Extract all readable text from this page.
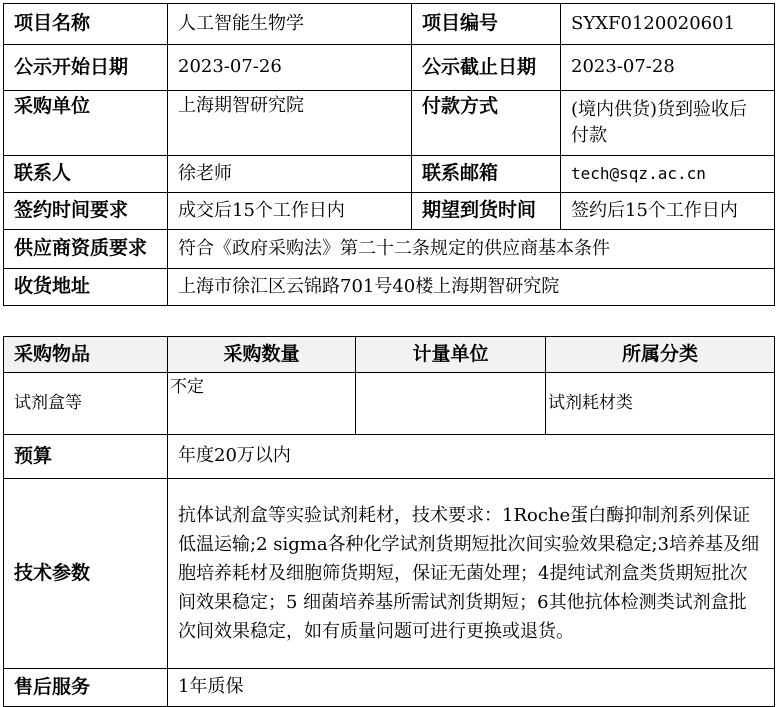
项目名称	人工智能生物学	项目编号	SYXF0120020601
公示开始日期	2023-07-26	公示截止日期	2023-07-28
采购单位	上海期智研究院	付款方式	(境内供货)货到验收后付款
联系人	徐老师	联系邮箱	tech@sqz.ac.cn
签约时间要求	成交后15个工作日内	期望到货时间	签约后15个工作日内
供应商资质要求	符合《政府采购法》第二十二条规定的供应商基本条件		
收货地址	上海市徐汇区云锦路701号40楼上海期智研究院		
采购物品	采购数量	计量单位	所属分类
试剂盒等	不定		试剂耗材类
预算	年度20万以内		
技术参数	抗体试剂盒等实验试剂耗材，技术要求：1Roche蛋白酶抑制剂系列保证低温运输;2 sigma各种化学试剂货期短批次间实验效果稳定;3培养基及细胞培养耗材及细胞筛货期短，保证无菌处理；4提纯试剂盒类货期短批次间效果稳定；5 细菌培养基所需试剂货期短；6其他抗体检测类试剂盒批次间效果稳定，如有质量问题可进行更换或退货。		
售后服务	1年质保		
